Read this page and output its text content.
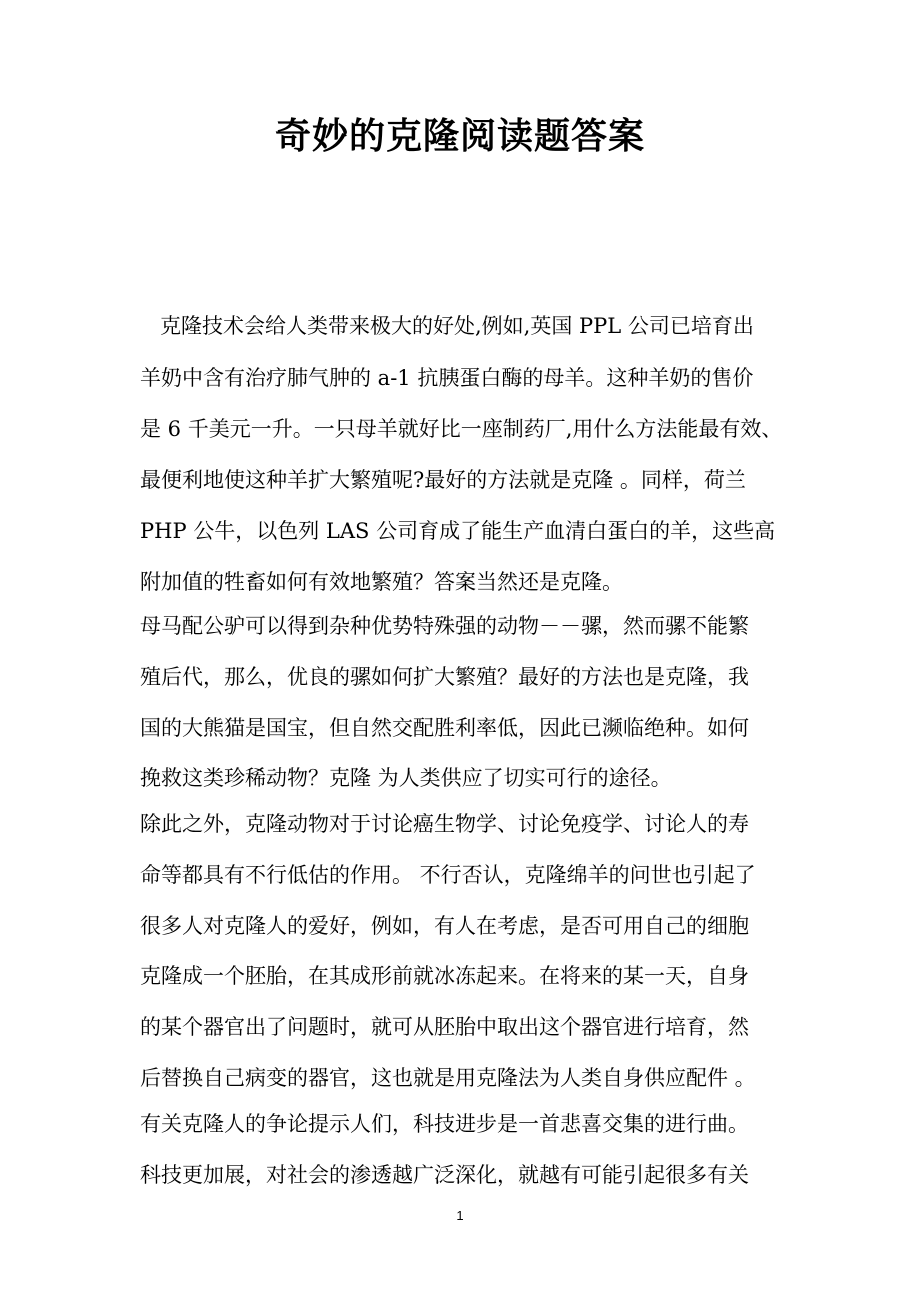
奇妙的克隆阅读题答案
克隆技术会给人类带来极大的好处,例如,英国 PPL 公司已培育出
羊奶中含有治疗肺气肿的 a-1 抗胰蛋白酶的母羊。这种羊奶的售价
是 6 千美元一升。一只母羊就好比一座制药厂,用什么方法能最有效、
最便利地使这种羊扩大繁殖呢?最好的方法就是克隆 。同样，荷兰
PHP 公牛，以色列 LAS 公司育成了能生产血清白蛋白的羊，这些高
附加值的牲畜如何有效地繁殖？答案当然还是克隆。
母马配公驴可以得到杂种优势特殊强的动物－－骡，然而骡不能繁
殖后代，那么，优良的骡如何扩大繁殖？最好的方法也是克隆，我
国的大熊猫是国宝，但自然交配胜利率低，因此已濒临绝种。如何
挽救这类珍稀动物？克隆 为人类供应了切实可行的途径。
除此之外，克隆动物对于讨论癌生物学、讨论免疫学、讨论人的寿
命等都具有不行低估的作用。 不行否认，克隆绵羊的问世也引起了
很多人对克隆人的爱好，例如，有人在考虑，是否可用自己的细胞
克隆成一个胚胎，在其成形前就冰冻起来。在将来的某一天，自身
的某个器官出了问题时，就可从胚胎中取出这个器官进行培育，然
后替换自己病变的器官，这也就是用克隆法为人类自身供应配件 。
有关克隆人的争论提示人们，科技进步是一首悲喜交集的进行曲。
科技更加展，对社会的渗透越广泛深化，就越有可能引起很多有关
1
